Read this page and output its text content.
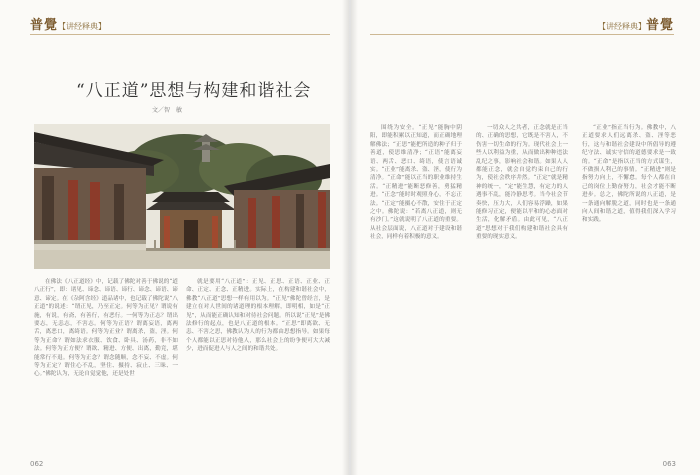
普覺【讲经释典】	【讲经释典】普覺
“八正道”思想与构建和谐社会
文／智　敏

在佛法《八正道经》中，记载了佛陀对善于佛说的“道八正行”，即：诸见、谛念、谛语、谛行、谛念、谛语、谛意、谛定。在《杂阿含经》道品诸中，也记载了佛陀说“八正道”的说述：“谓正见，乃至正定。何等为正见？谓说有施，有说，有斋，有善行，有恶行。一何等为正志？谓出要志，无恚志，不害志。何等为正语？谓离妄语，离两舌，离恶口，离绮语。何等为正业？谓离杀，盗，淫。何等为正命？谓如法求衣服、饮食、卧具、汤药，非不如法。何等为正方便？谓欲、精进、方便、出离，勤竞，堪能常行不退。何等为正念？谓念随顺，念不妄、不虚。何等为正定？谓住心不乱，坚住、摄持、寂止、三昧、一心。”佛陀认为，无论自觉觉他，还是处世

就是要用“八正道”：正见、正思、正语、正业、正命、正定、正念、正精进。实际上，在构建和谐社会中，佛教“八正道”思想一样有用以为。“正见”佛陀曾经言，是建立在对人世间的诸道理的根本理解，即明相，如是“正见”，从而能正确认知和对待社会问题。所以说“正见”是佛法修行的起点，也是八正道的根本。“正思”即离欲、无恚、不害之思，佛教认为人的行为都由思想指导。如果每个人都能以正思对待他人，那么社会上的纷争便可大大减少，进而促进人与人之间的和谐共处。

围绕为安全。“正见”能胸中阴阳，即能积累以正知道，而正确地理解佛法；“正思”能把所造的种子归于善道，使思维清净；“正语”能离妄语、两舌、恶口、绮语，使言语诚实。“正业”能离杀、盗、淫，使行为清净。“正命”能以正当的职业维持生活。“正精进”能断恶修善，勇猛精进。“正念”能时时观照身心，不忘正法。“正定”能摄心不散，安住于正定之中。佛陀说：“若离八正道，则无有沙门。”这就说明了八正道的重要。从社会层面说，八正道对于建设和谐社会，同样有着积极的意义。

一切众人之共者，正念就是正当的、正确的思想，它既是不害人，不伤害一切生命的行为。现代社会上一些人以利益为重，从而做出种种违法乱纪之事，影响社会和谐。如果人人都能正念，就会自觉约束自己的行为，使社会秩序井然。“正定”就是精神的统一，“定”能生慧，有定力的人遇事不乱，能冷静思考。当今社会节奏快，压力大，人们容易浮躁，如果能修习正定，便能以平和的心态面对生活，化解矛盾。由此可见，“八正道”思想对于我们构建和谐社会具有重要的现实意义。

“正业”指正当行为。佛教中，八正道要求人们远离杀、盗、淫等恶行，这与和谐社会建设中所倡导的遵纪守法、诚实守信的道德要求是一致的。“正命”是指以正当的方式谋生，不做损人利己的事情。“正精进”则是指努力向上，不懈怠。每个人都在自己的岗位上勤奋努力，社会才能不断进步。总之，佛陀所说的八正道，是一条通向解脱之道，同时也是一条通向人间和谐之道，值得我们深入学习和实践。

062	063
